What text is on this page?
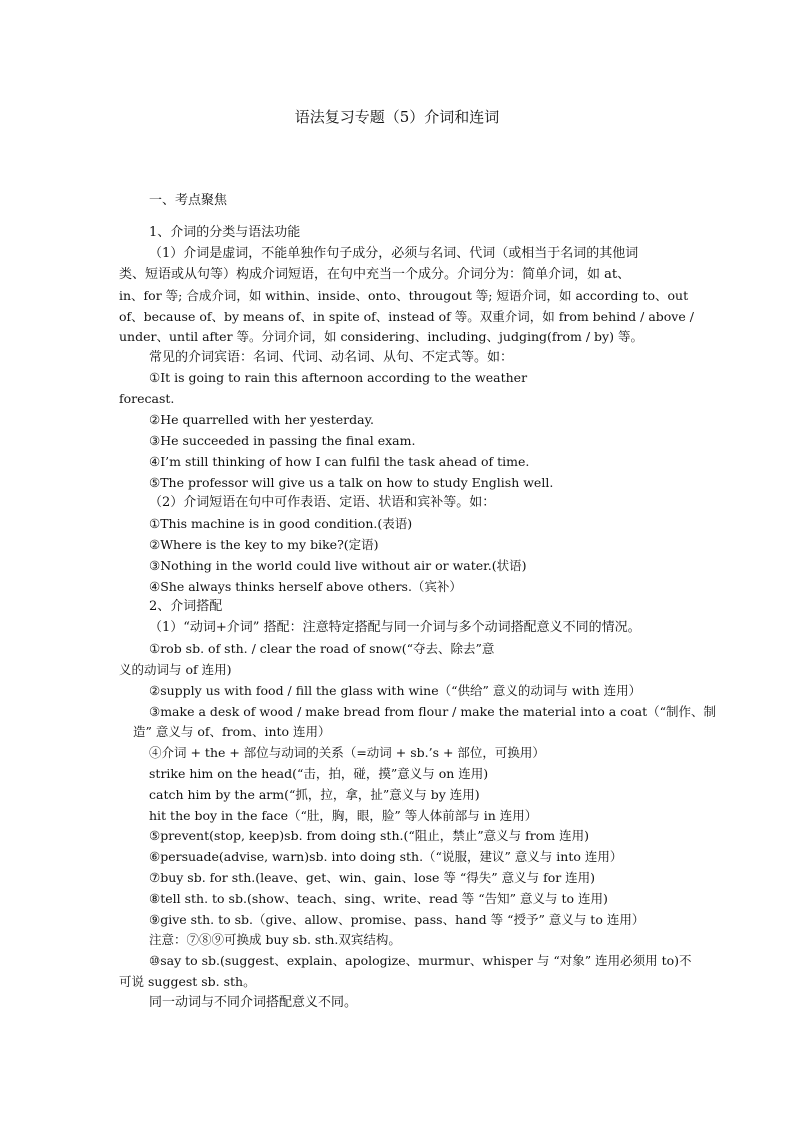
语法复习专题（5）介词和连词
一、考点聚焦
1、介词的分类与语法功能
（1）介词是虚词，不能单独作句子成分，必须与名词、代词（或相当于名词的其他词
类、短语或从句等）构成介词短语，在句中充当一个成分。介词分为：简单介词，如 at、
in、for 等; 合成介词，如 within、inside、onto、througout 等; 短语介词，如 according to、out
of、because of、by means of、in spite of、instead of 等。双重介词，如 from behind / above /
under、until after 等。分词介词，如 considering、including、judging(from / by) 等。
常见的介词宾语：名词、代词、动名词、从句、不定式等。如：
①It is going to rain this afternoon according to the weather
forecast.
②He quarrelled with her yesterday.
③He succeeded in passing the final exam.
④I’m still thinking of how I can fulfil the task ahead of time.
⑤The professor will give us a talk on how to study English well.
（2）介词短语在句中可作表语、定语、状语和宾补等。如：
①This machine is in good condition.(表语)
②Where is the key to my bike?(定语)
③Nothing in the world could live without air or water.(状语)
④She always thinks herself above others.（宾补）
2、介词搭配
（1）“动词+介词” 搭配：注意特定搭配与同一介词与多个动词搭配意义不同的情况。
①rob sb. of sth. / clear the road of snow(“夺去、除去”意
义的动词与 of 连用)
②supply us with food / fill the glass with wine（“供给” 意义的动词与 with 连用）
③make a desk of wood / make bread from flour / make the material into a coat（“制作、制
造” 意义与 of、from、into 连用）
④介词 + the + 部位与动词的关系（=动词 + sb.’s + 部位，可换用）
strike him on the head(“击，拍，碰，摸”意义与 on 连用)
catch him by the arm(“抓，拉，拿，扯”意义与 by 连用)
hit the boy in the face（“肚，胸，眼，脸” 等人体前部与 in 连用）
⑤prevent(stop, keep)sb. from doing sth.(“阻止，禁止”意义与 from 连用)
⑥persuade(advise, warn)sb. into doing sth.（“说服，建议” 意义与 into 连用）
⑦buy sb. for sth.(leave、get、win、gain、lose 等 “得失” 意义与 for 连用)
⑧tell sth. to sb.(show、teach、sing、write、read 等 “告知” 意义与 to 连用)
⑨give sth. to sb.（give、allow、promise、pass、hand 等 “授予” 意义与 to 连用）
注意：⑦⑧⑨可换成 buy sb. sth.双宾结构。
⑩say to sb.(suggest、explain、apologize、murmur、whisper 与 “对象” 连用必须用 to)不
可说 suggest sb. sth。
同一动词与不同介词搭配意义不同。
